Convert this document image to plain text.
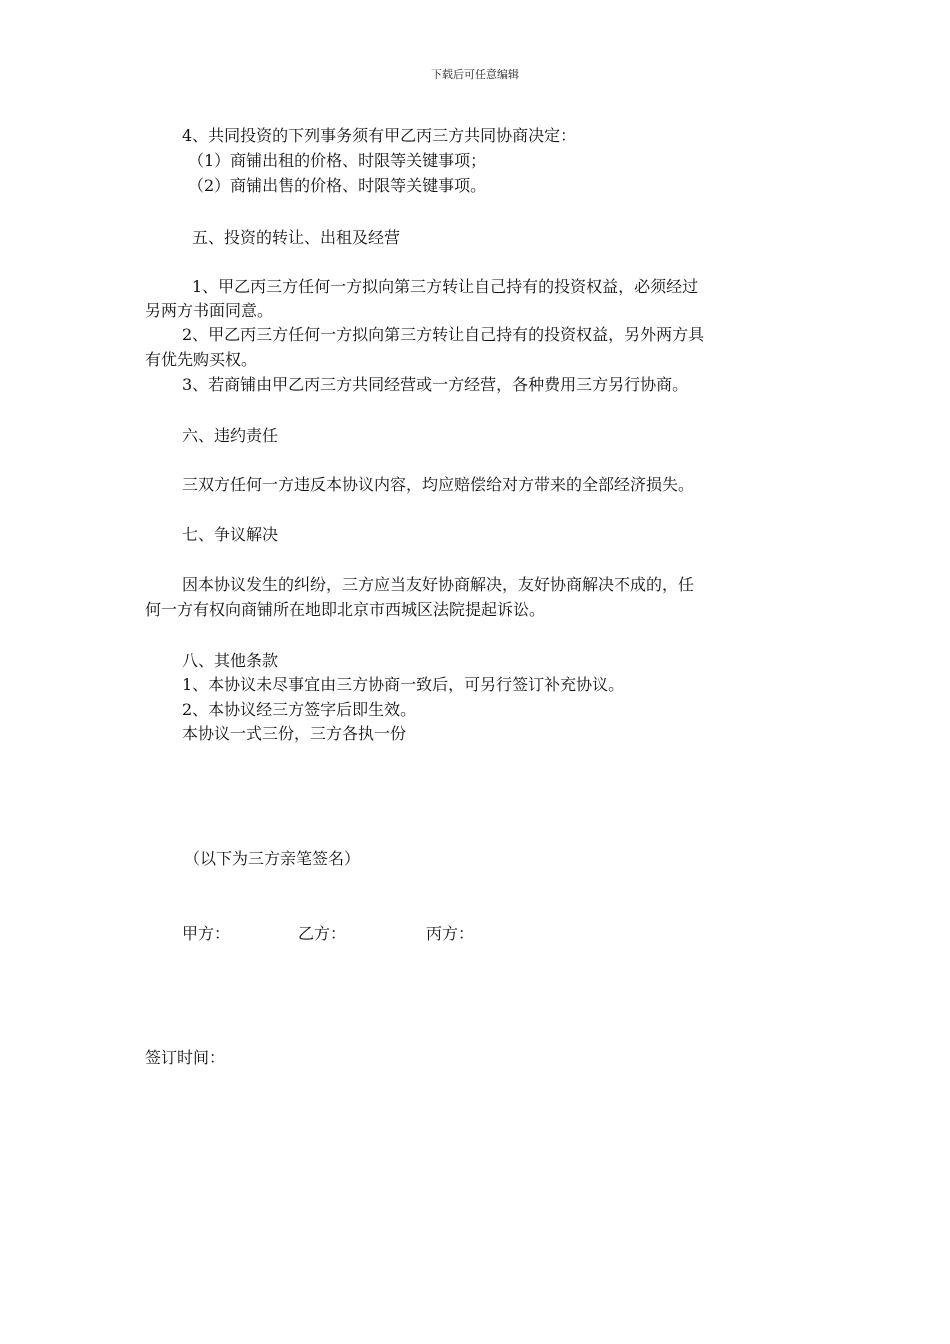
下载后可任意编辑
4、共同投资的下列事务须有甲乙丙三方共同协商决定：
（1）商铺出租的价格、时限等关键事项；
（2）商铺出售的价格、时限等关键事项。
五、投资的转让、出租及经营
1、甲乙丙三方任何一方拟向第三方转让自己持有的投资权益，必须经过
另两方书面同意。
2、甲乙丙三方任何一方拟向第三方转让自己持有的投资权益，另外两方具
有优先购买权。
3、若商铺由甲乙丙三方共同经营或一方经营，各种费用三方另行协商。
六、违约责任
三双方任何一方违反本协议内容，均应赔偿给对方带来的全部经济损失。
七、争议解决
因本协议发生的纠纷，三方应当友好协商解决，友好协商解决不成的，任
何一方有权向商铺所在地即北京市西城区法院提起诉讼。
八、其他条款
1、本协议未尽事宜由三方协商一致后，可另行签订补充协议。
2、本协议经三方签字后即生效。
本协议一式三份，三方各执一份
（以下为三方亲笔签名）
甲方：	乙方：	丙方：
签订时间：
